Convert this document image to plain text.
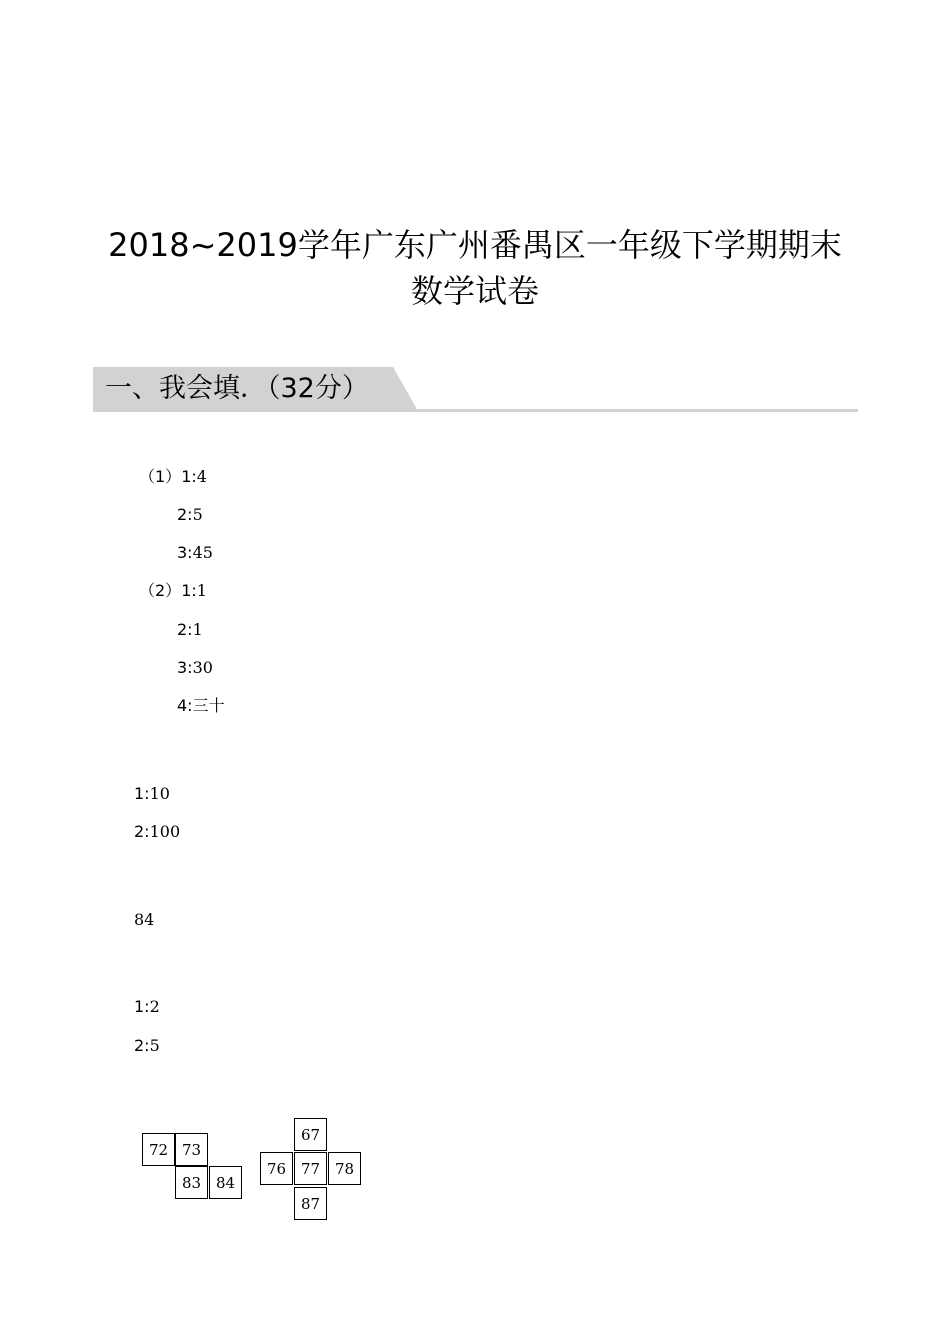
2018~2019学年广东广州番禺区一年级下学期期末
数学试卷
一、我会填．（32分）
（1）1:4
2:5
3:45
（2）1:1
2:1
3:30
4:三十
1:10
2:100
84
1:2
2:5
72 73
83 84
67
76 77 78
87
